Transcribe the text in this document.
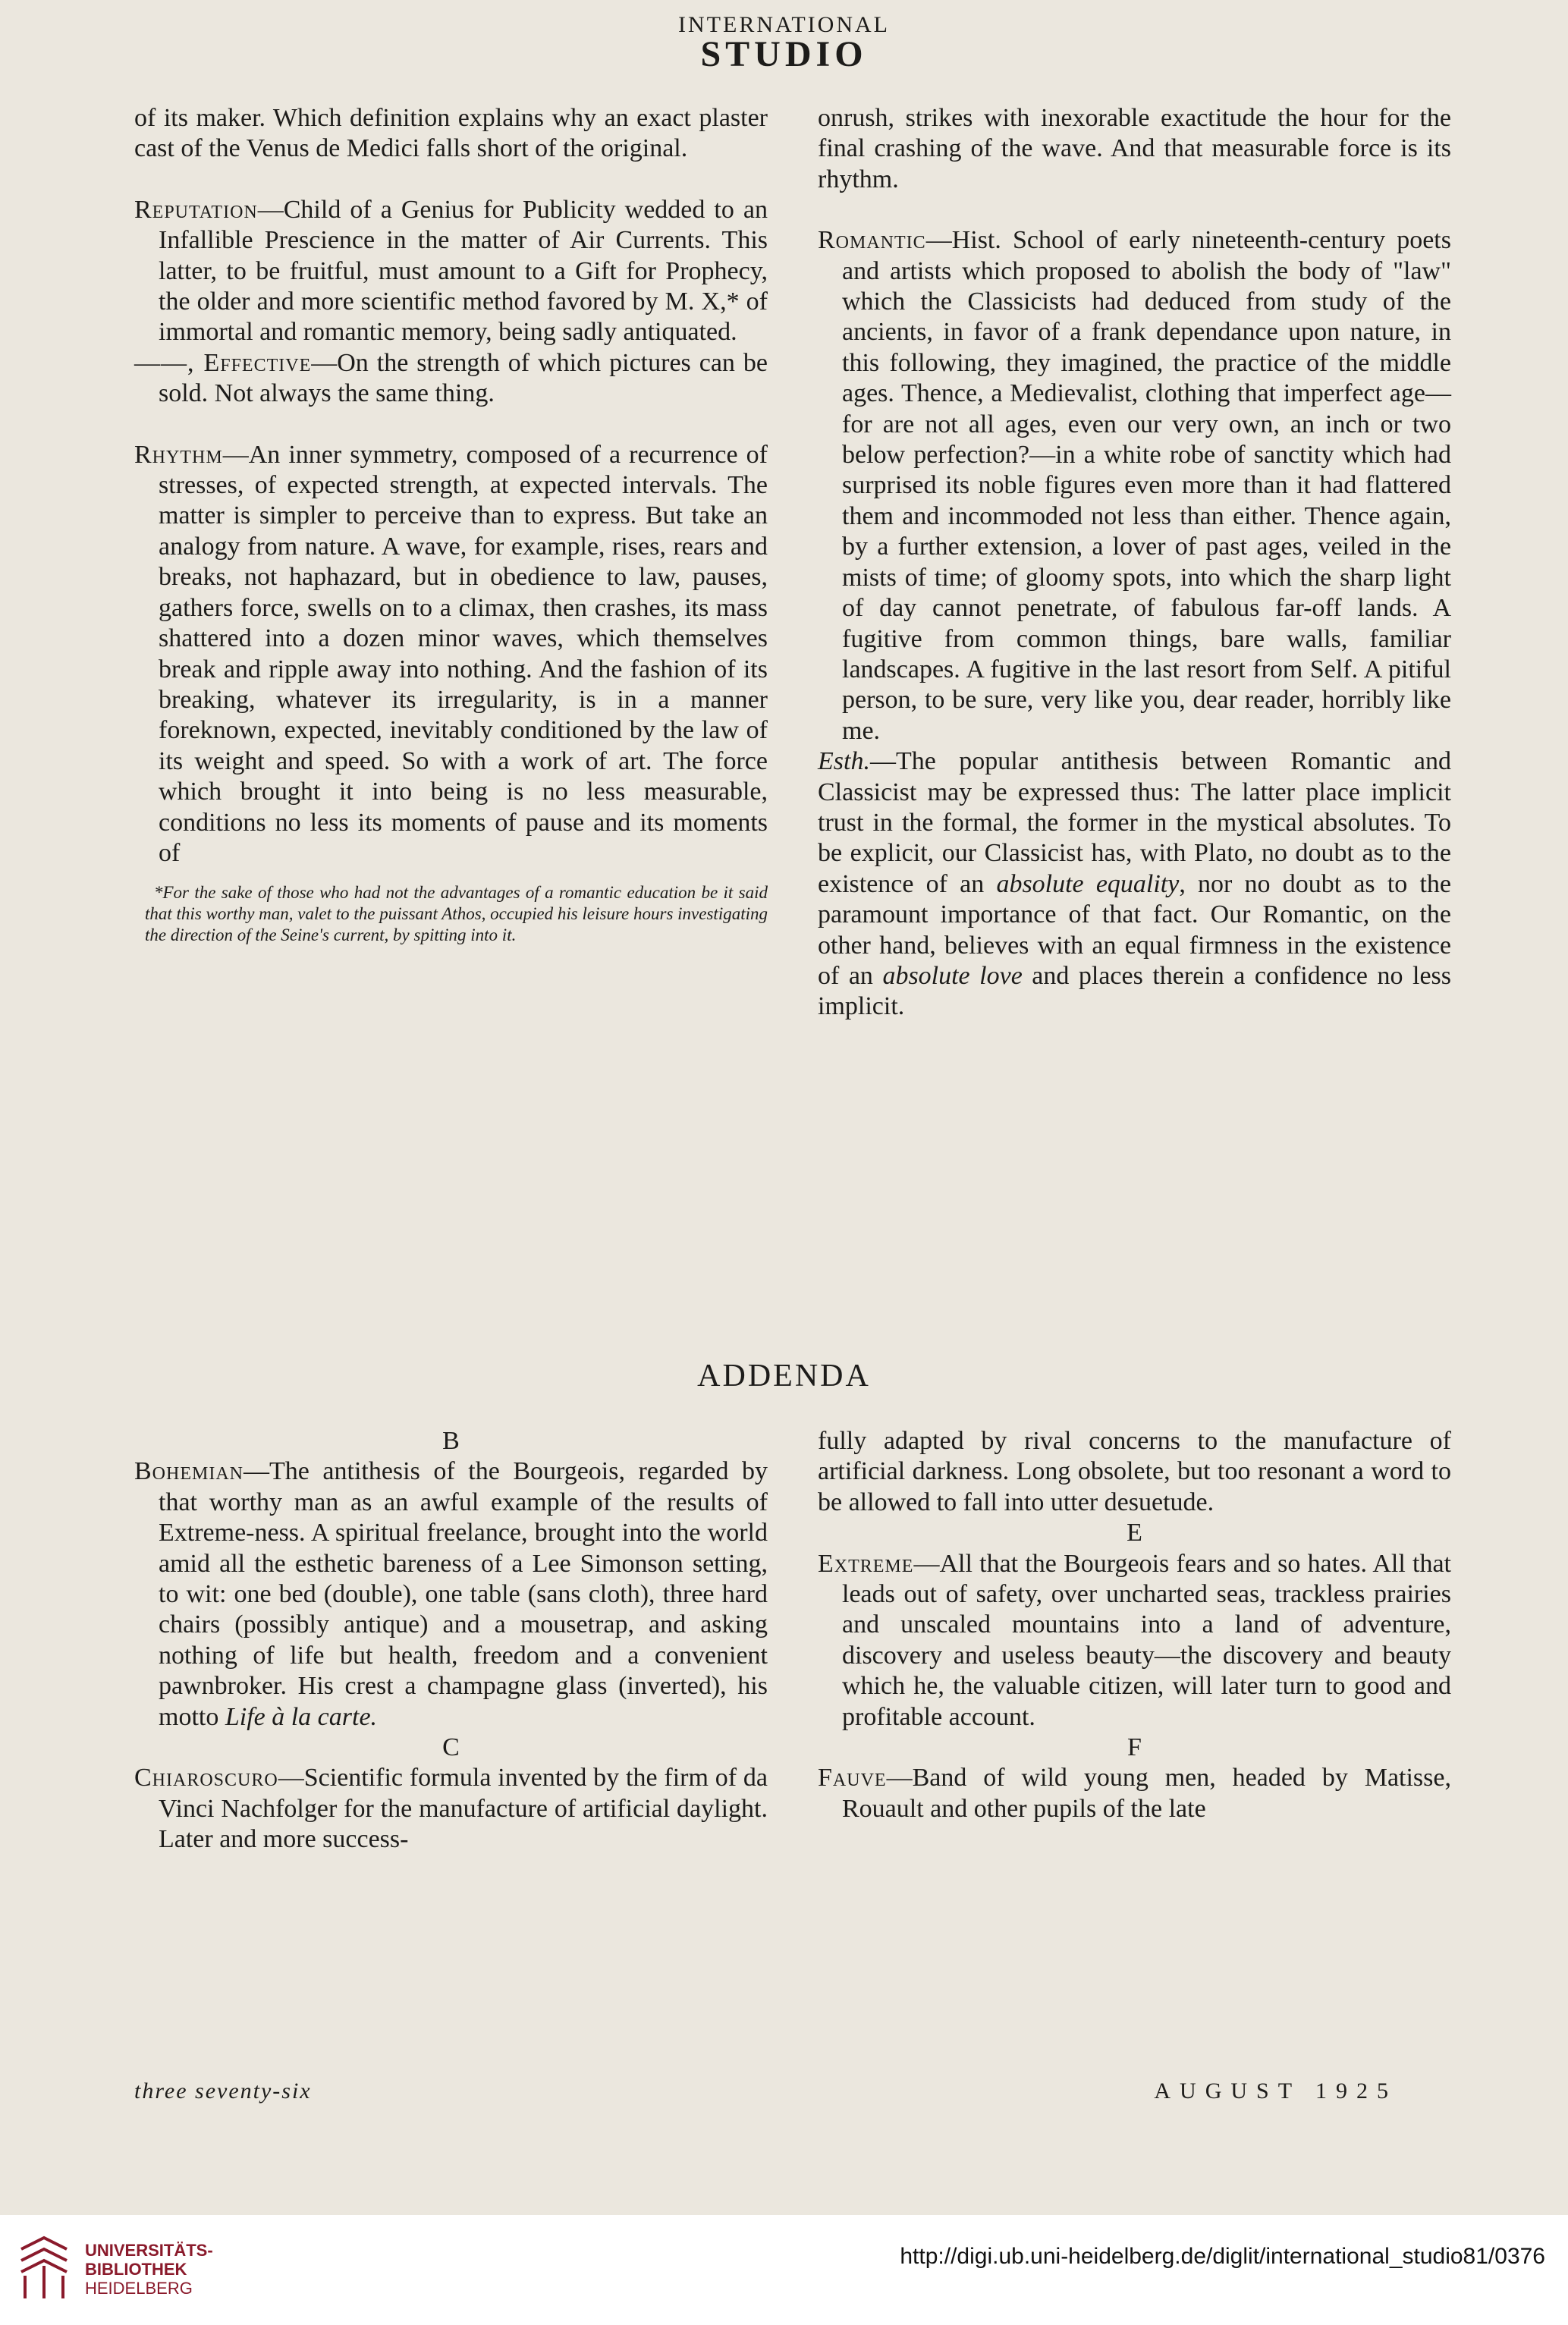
INTERNATIONAL
STUDIO

of its maker. Which definition explains why an exact plaster cast of the Venus de Medici falls short of the original.

Reputation—Child of a Genius for Publicity wedded to an Infallible Prescience in the matter of Air Currents. This latter, to be fruitful, must amount to a Gift for Prophecy, the older and more scientific method favored by M. X,* of immortal and romantic memory, being sadly antiquated.

——, Effective—On the strength of which pictures can be sold. Not always the same thing.

Rhythm—An inner symmetry, composed of a recurrence of stresses, of expected strength, at expected intervals. The matter is simpler to perceive than to express. But take an analogy from nature. A wave, for example, rises, rears and breaks, not haphazard, but in obedience to law, pauses, gathers force, swells on to a climax, then crashes, its mass shattered into a dozen minor waves, which themselves break and ripple away into nothing. And the fashion of its breaking, whatever its irregularity, is in a manner foreknown, expected, inevitably conditioned by the law of its weight and speed. So with a work of art. The force which brought it into being is no less measurable, conditions no less its moments of pause and its moments of

*For the sake of those who had not the advantages of a romantic education be it said that this worthy man, valet to the puissant Athos, occupied his leisure hours investigating the direction of the Seine's current, by spitting into it.

onrush, strikes with inexorable exactitude the hour for the final crashing of the wave. And that measurable force is its rhythm.

Romantic—Hist. School of early nineteenth-century poets and artists which proposed to abolish the body of "law" which the Classicists had deduced from study of the ancients, in favor of a frank dependance upon nature, in this following, they imagined, the practice of the middle ages. Thence, a Medievalist, clothing that imperfect age—for are not all ages, even our very own, an inch or two below perfection?—in a white robe of sanctity which had surprised its noble figures even more than it had flattered them and incommoded not less than either. Thence again, by a further extension, a lover of past ages, veiled in the mists of time; of gloomy spots, into which the sharp light of day cannot penetrate, of fabulous far-off lands. A fugitive from common things, bare walls, familiar landscapes. A fugitive in the last resort from Self. A pitiful person, to be sure, very like you, dear reader, horribly like me.

Esth.—The popular antithesis between Romantic and Classicist may be expressed thus: The latter place implicit trust in the formal, the former in the mystical absolutes. To be explicit, our Classicist has, with Plato, no doubt as to the existence of an absolute equality, nor no doubt as to the paramount importance of that fact. Our Romantic, on the other hand, believes with an equal firmness in the existence of an absolute love and places therein a confidence no less implicit.

ADDENDA

B

Bohemian—The antithesis of the Bourgeois, regarded by that worthy man as an awful example of the results of Extreme-ness. A spiritual freelance, brought into the world amid all the esthetic bareness of a Lee Simonson setting, to wit: one bed (double), one table (sans cloth), three hard chairs (possibly antique) and a mousetrap, and asking nothing of life but health, freedom and a convenient pawnbroker. His crest a champagne glass (inverted), his motto Life à la carte.

C

Chiaroscuro—Scientific formula invented by the firm of da Vinci Nachfolger for the manufacture of artificial daylight. Later and more success-

fully adapted by rival concerns to the manufacture of artificial darkness. Long obsolete, but too resonant a word to be allowed to fall into utter desuetude.

E

Extreme—All that the Bourgeois fears and so hates. All that leads out of safety, over uncharted seas, trackless prairies and unscaled mountains into a land of adventure, discovery and useless beauty—the discovery and beauty which he, the valuable citizen, will later turn to good and profitable account.

F

Fauve—Band of wild young men, headed by Matisse, Rouault and other pupils of the late

three seventy-six	AUGUST 1925
UNIVERSITÄTS-
BIBLIOTHEK
HEIDELBERG
http://digi.ub.uni-heidelberg.de/diglit/international_studio81/0376
